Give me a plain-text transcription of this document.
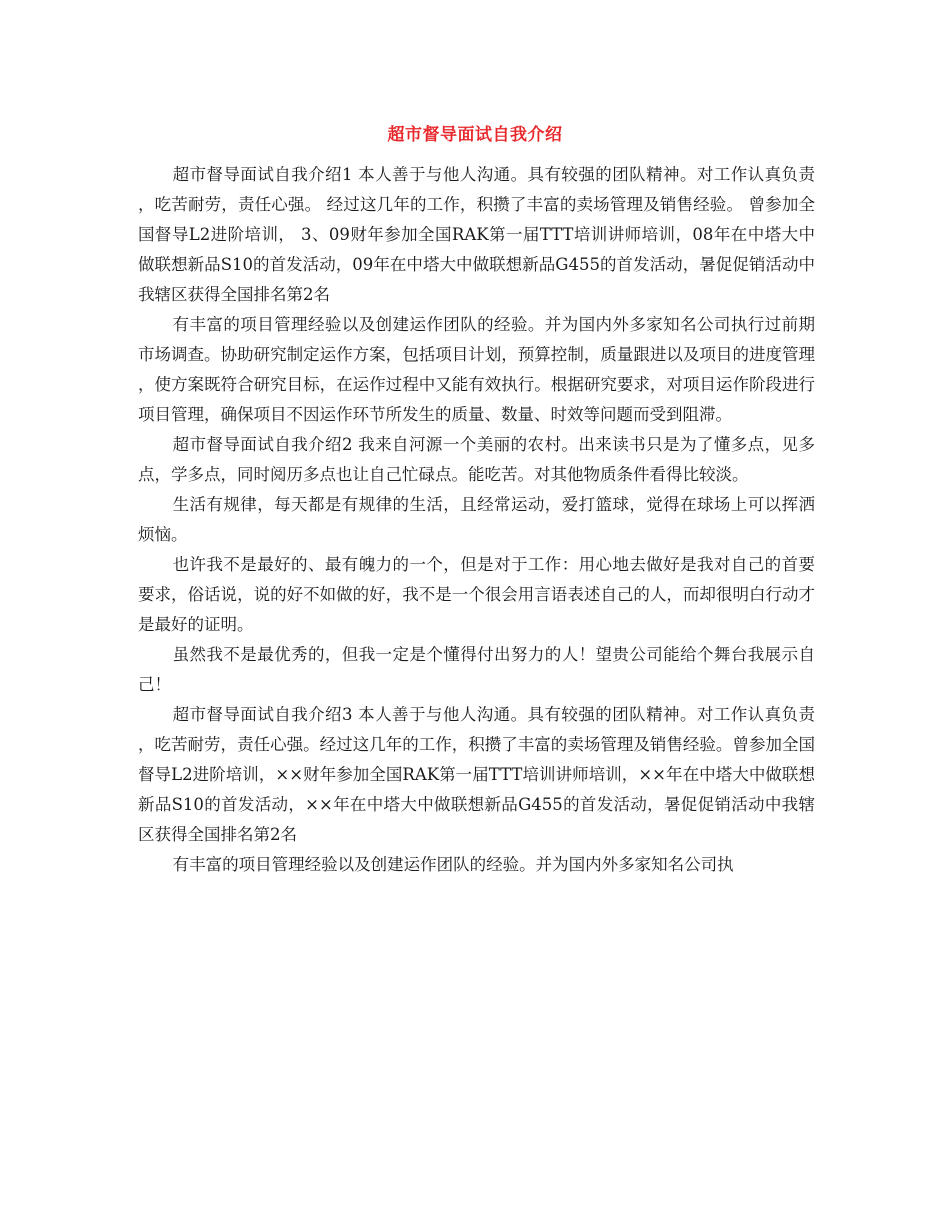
超市督导面试自我介绍

超市督导面试自我介绍1 本人善于与他人沟通。具有较强的团队精神。对工作认真负责，吃苦耐劳，责任心强。 经过这几年的工作，积攒了丰富的卖场管理及销售经验。 曾参加全国督导L2进阶培训， 3、09财年参加全国RAK第一届TTT培训讲师培训，08年在中塔大中做联想新品S10的首发活动，09年在中塔大中做联想新品G455的首发活动，暑促促销活动中我辖区获得全国排名第2名

有丰富的项目管理经验以及创建运作团队的经验。并为国内外多家知名公司执行过前期市场调查。协助研究制定运作方案，包括项目计划，预算控制，质量跟进以及项目的进度管理，使方案既符合研究目标，在运作过程中又能有效执行。根据研究要求，对项目运作阶段进行项目管理，确保项目不因运作环节所发生的质量、数量、时效等问题而受到阻滞。

超市督导面试自我介绍2 我来自河源一个美丽的农村。出来读书只是为了懂多点，见多点，学多点，同时阅历多点也让自己忙碌点。能吃苦。对其他物质条件看得比较淡。

生活有规律，每天都是有规律的生活，且经常运动，爱打篮球，觉得在球场上可以挥洒烦恼。

也许我不是最好的、最有魄力的一个，但是对于工作：用心地去做好是我对自己的首要要求，俗话说，说的好不如做的好，我不是一个很会用言语表述自己的人，而却很明白行动才是最好的证明。

虽然我不是最优秀的，但我一定是个懂得付出努力的人！望贵公司能给个舞台我展示自己！

超市督导面试自我介绍3 本人善于与他人沟通。具有较强的团队精神。对工作认真负责，吃苦耐劳，责任心强。经过这几年的工作，积攒了丰富的卖场管理及销售经验。曾参加全国督导L2进阶培训，××财年参加全国RAK第一届TTT培训讲师培训，××年在中塔大中做联想新品S10的首发活动，××年在中塔大中做联想新品G455的首发活动，暑促促销活动中我辖区获得全国排名第2名

有丰富的项目管理经验以及创建运作团队的经验。并为国内外多家知名公司执
